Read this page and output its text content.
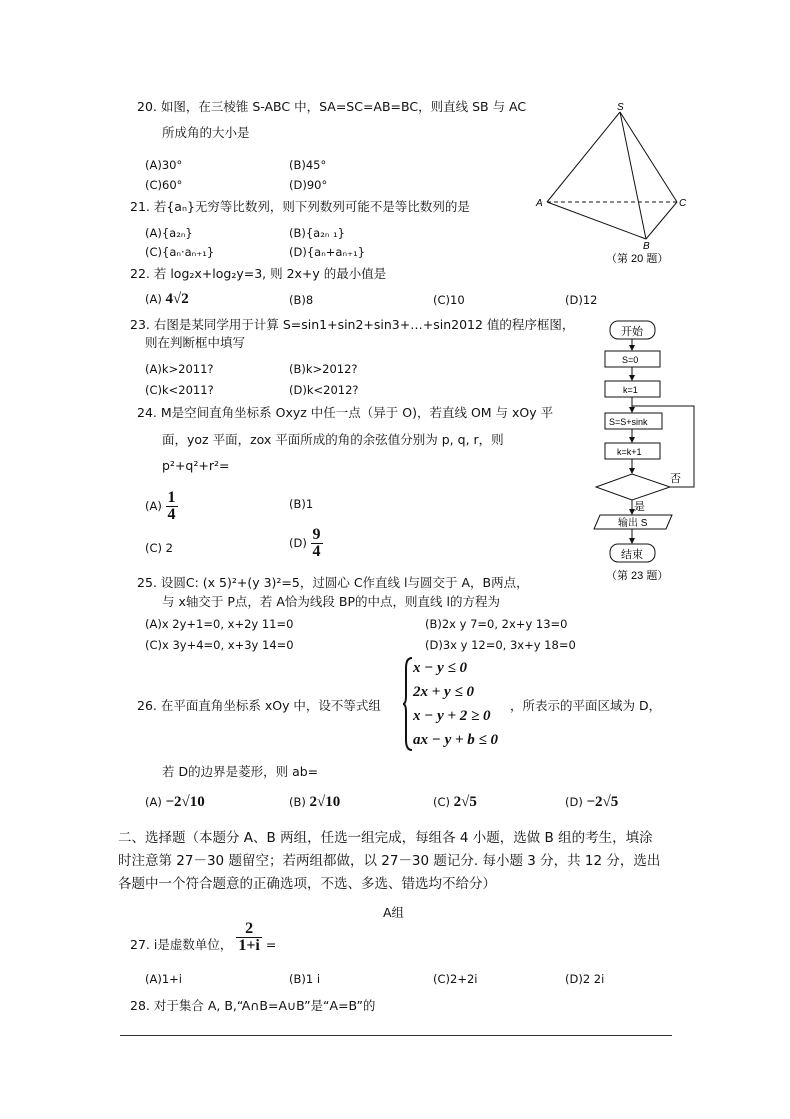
20. 如图，在三棱锥 S-ABC 中，SA=SC=AB=BC，则直线 SB 与 AC
所成角的大小是
(A)30°	(B)45°
(C)60°	(D)90°
S
A	C
B
（第 20 题）
21. 若{aₙ}无穷等比数列，则下列数列可能不是等比数列的是
(A){a₂ₙ}	(B){a₂ₙ ₁}
(C){aₙ·aₙ₊₁}	(D){aₙ+aₙ₊₁}
22. 若 log₂x+log₂y=3, 则 2x+y 的最小值是
(A) 4√2	(B)8	(C)10	(D)12
23. 右图是某同学用于计算 S=sin1+sin2+sin3+…+sin2012 值的程序框图，
则在判断框中填写
(A)k>2011?	(B)k>2012?
(C)k<2011?	(D)k<2012?
开始
S=0
k=1
S=S+sink
k=k+1
否
是
输出 S
结束
（第 23 题）
24. M是空间直角坐标系 Oxyz 中任一点（异于 O)，若直线 OM 与 xOy 平
面，yoz 平面，zox 平面所成的角的余弦值分别为 p, q, r，则
p²+q²+r²=
$(A) \frac{1}{4}$	(B)1
(C) 2	$(D) \frac{9}{4}$
25. 设圆C: (x 5)²+(y 3)²=5，过圆心 C作直线 l与圆交于 A，B两点，
与 x轴交于 P点，若 A恰为线段 BP的中点，则直线 l的方程为
(A)x 2y+1=0, x+2y 11=0	(B)2x y 7=0, 2x+y 13=0
(C)x 3y+4=0, x+3y 14=0	(D)3x y 12=0, 3x+y 18=0
26. 在平面直角坐标系 xOy 中，设不等式组
x − y ≤ 0
2x + y ≤ 0
x − y + 2 ≥ 0
ax − y + b ≤ 0
，所表示的平面区域为 D，
若 D的边界是菱形，则 ab=
(A) −2√10	(B) 2√10	(C) 2√5	(D) −2√5
二、选择题（本题分 A、B 两组，任选一组完成，每组各 4 小题，选做 B 组的考生，填涂
时注意第 27－30 题留空；若两组都做，以 27－30 题记分. 每小题 3 分，共 12 分，选出
各题中一个符合题意的正确选项，不选、多选、错选均不给分）
A组
27. i是虚数单位， $\frac{2}{1+i}$ =
(A)1+i	(B)1 i	(C)2+2i	(D)2 2i
28. 对于集合 A, B,“A∩B=A∪B”是“A=B”的
